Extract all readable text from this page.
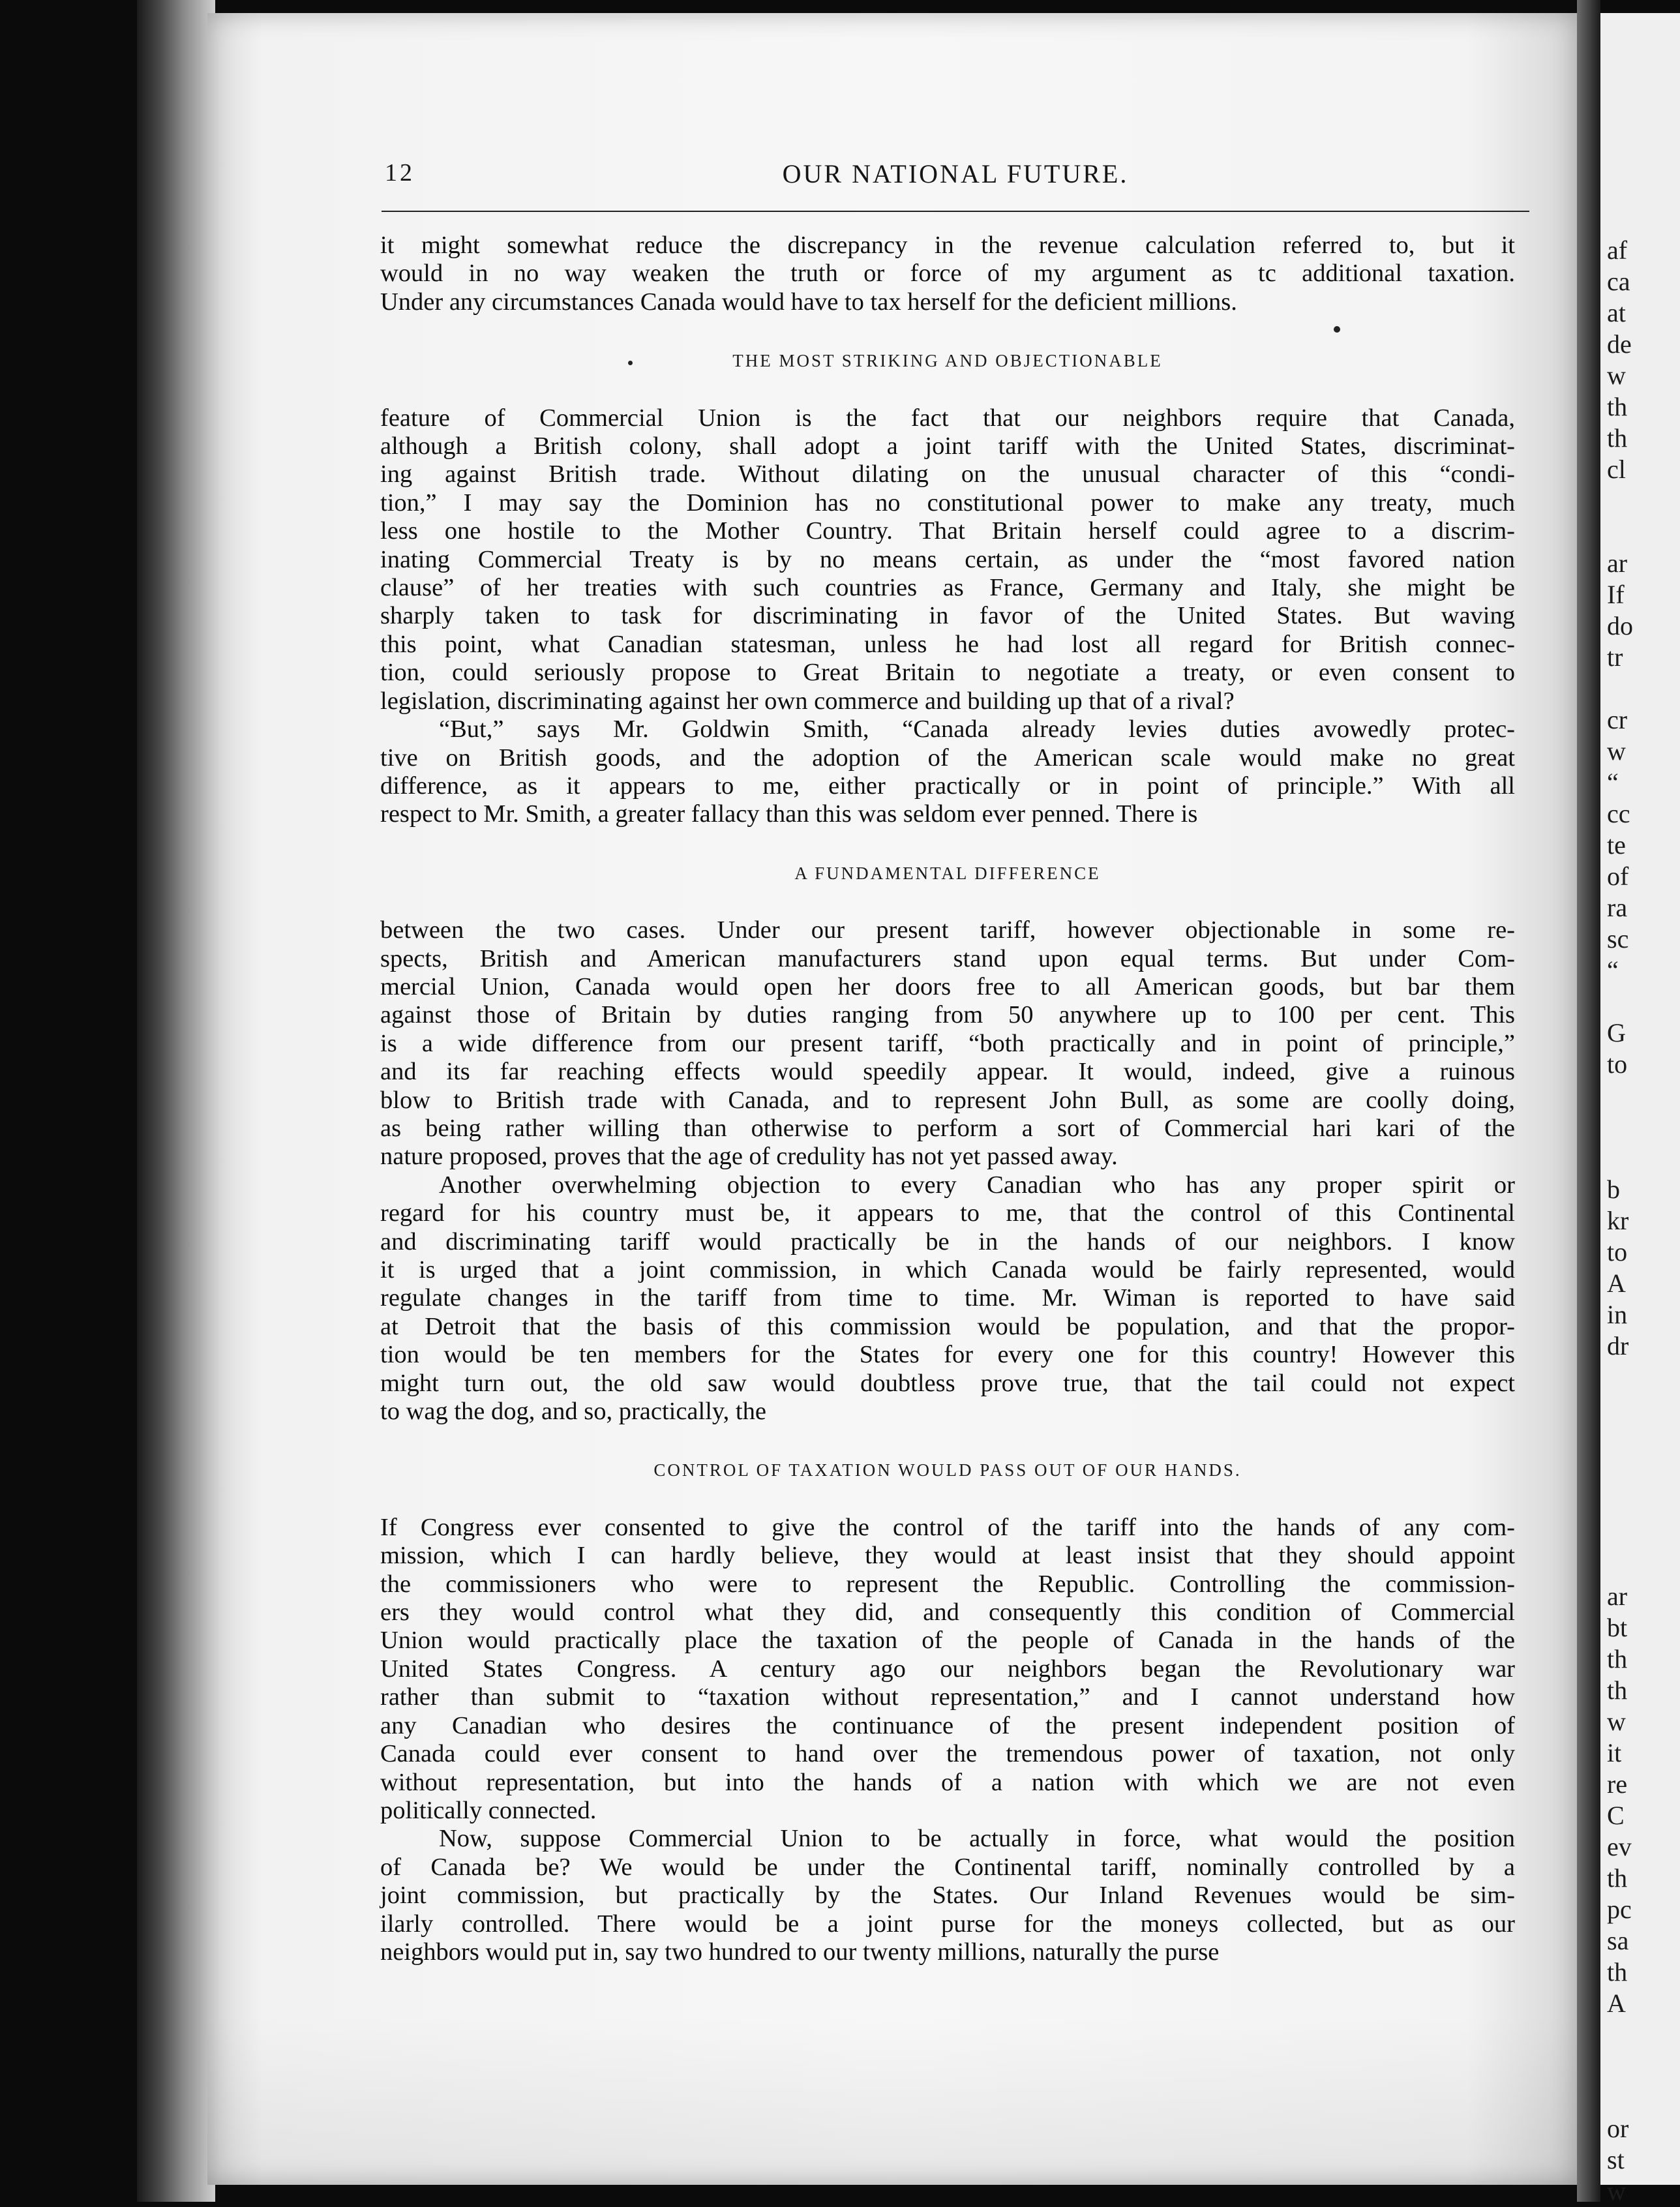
af
ca
at
de
w
th
th
cl

ar
If
do
tr

cr
w
“
cc
te
of
ra
sc
“

G
to

b
kr
to
A
in
dr

ar
bt
th
th
w
it
re
C
ev
th
pc
sa
th
A

or
st
w
12	OUR NATIONAL FUTURE.
it might somewhat reduce the discrepancy in the revenue calculation referred to, but it
would in no way weaken the truth or force of my argument as tc additional taxation.
Under any circumstances Canada would have to tax herself for the deficient millions.
THE MOST STRIKING AND OBJECTIONABLE
feature of Commercial Union is the fact that our neighbors require that Canada,
although a British colony, shall adopt a joint tariff with the United States, discriminat-
ing against British trade. Without dilating on the unusual character of this “condi-
tion,” I may say the Dominion has no constitutional power to make any treaty, much
less one hostile to the Mother Country. That Britain herself could agree to a discrim-
inating Commercial Treaty is by no means certain, as under the “most favored nation
clause” of her treaties with such countries as France, Germany and Italy, she might be
sharply taken to task for discriminating in favor of the United States. But waving
this point, what Canadian statesman, unless he had lost all regard for British connec-
tion, could seriously propose to Great Britain to negotiate a treaty, or even consent to
legislation, discriminating against her own commerce and building up that of a rival?
“But,” says Mr. Goldwin Smith, “Canada already levies duties avowedly protec-
tive on British goods, and the adoption of the American scale would make no great
difference, as it appears to me, either practically or in point of principle.” With all
respect to Mr. Smith, a greater fallacy than this was seldom ever penned. There is
A FUNDAMENTAL DIFFERENCE
between the two cases. Under our present tariff, however objectionable in some re-
spects, British and American manufacturers stand upon equal terms. But under Com-
mercial Union, Canada would open her doors free to all American goods, but bar them
against those of Britain by duties ranging from 50 anywhere up to 100 per cent. This
is a wide difference from our present tariff, “both practically and in point of principle,”
and its far reaching effects would speedily appear. It would, indeed, give a ruinous
blow to British trade with Canada, and to represent John Bull, as some are coolly doing,
as being rather willing than otherwise to perform a sort of Commercial hari kari of the
nature proposed, proves that the age of credulity has not yet passed away.
Another overwhelming objection to every Canadian who has any proper spirit or
regard for his country must be, it appears to me, that the control of this Continental
and discriminating tariff would practically be in the hands of our neighbors. I know
it is urged that a joint commission, in which Canada would be fairly represented, would
regulate changes in the tariff from time to time. Mr. Wiman is reported to have said
at Detroit that the basis of this commission would be population, and that the propor-
tion would be ten members for the States for every one for this country! However this
might turn out, the old saw would doubtless prove true, that the tail could not expect
to wag the dog, and so, practically, the
CONTROL OF TAXATION WOULD PASS OUT OF OUR HANDS.
If Congress ever consented to give the control of the tariff into the hands of any com-
mission, which I can hardly believe, they would at least insist that they should appoint
the commissioners who were to represent the Republic. Controlling the commission-
ers they would control what they did, and consequently this condition of Commercial
Union would practically place the taxation of the people of Canada in the hands of the
United States Congress. A century ago our neighbors began the Revolutionary war
rather than submit to “taxation without representation,” and I cannot understand how
any Canadian who desires the continuance of the present independent position of
Canada could ever consent to hand over the tremendous power of taxation, not only
without representation, but into the hands of a nation with which we are not even
politically connected.
Now, suppose Commercial Union to be actually in force, what would the position
of Canada be? We would be under the Continental tariff, nominally controlled by a
joint commission, but practically by the States. Our Inland Revenues would be sim-
ilarly controlled. There would be a joint purse for the moneys collected, but as our
neighbors would put in, say two hundred to our twenty millions, naturally the purse
